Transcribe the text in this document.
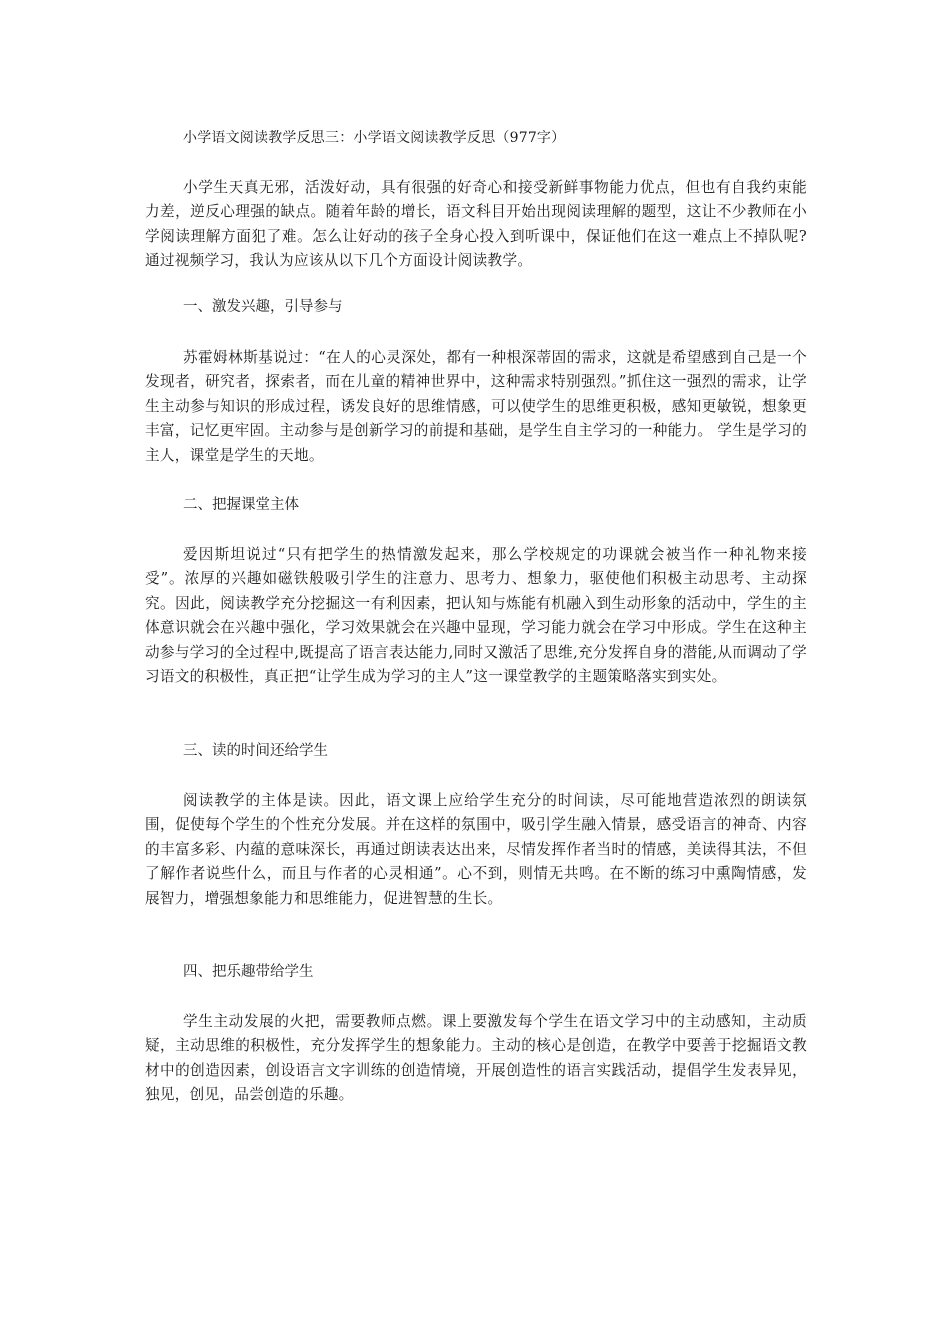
小学语文阅读教学反思三：小学语文阅读教学反思（977字）

小学生天真无邪，活泼好动，具有很强的好奇心和接受新鲜事物能力优点，但也有自我约束能力差，逆反心理强的缺点。随着年龄的增长，语文科目开始出现阅读理解的题型，这让不少教师在小学阅读理解方面犯了难。怎么让好动的孩子全身心投入到听课中，保证他们在这一难点上不掉队呢?通过视频学习，我认为应该从以下几个方面设计阅读教学。

一、激发兴趣，引导参与

苏霍姆林斯基说过：“在人的心灵深处，都有一种根深蒂固的需求，这就是希望感到自己是一个发现者，研究者，探索者，而在儿童的精神世界中，这种需求特别强烈。”抓住这一强烈的需求，让学生主动参与知识的形成过程，诱发良好的思维情感，可以使学生的思维更积极，感知更敏锐，想象更丰富，记忆更牢固。主动参与是创新学习的前提和基础，是学生自主学习的一种能力。 学生是学习的主人，课堂是学生的天地。

二、把握课堂主体

爱因斯坦说过“只有把学生的热情激发起来，那么学校规定的功课就会被当作一种礼物来接受”。浓厚的兴趣如磁铁般吸引学生的注意力、思考力、想象力，驱使他们积极主动思考、主动探究。因此，阅读教学充分挖掘这一有利因素，把认知与炼能有机融入到生动形象的活动中，学生的主体意识就会在兴趣中强化，学习效果就会在兴趣中显现，学习能力就会在学习中形成。学生在这种主动参与学习的全过程中,既提高了语言表达能力,同时又激活了思维,充分发挥自身的潜能,从而调动了学习语文的积极性，真正把“让学生成为学习的主人”这一课堂教学的主题策略落实到实处。

三、读的时间还给学生

阅读教学的主体是读。因此，语文课上应给学生充分的时间读，尽可能地营造浓烈的朗读氛围，促使每个学生的个性充分发展。并在这样的氛围中，吸引学生融入情景，感受语言的神奇、内容的丰富多彩、内蕴的意味深长，再通过朗读表达出来，尽情发挥作者当时的情感，美读得其法，不但了解作者说些什么，而且与作者的心灵相通”。心不到，则情无共鸣。在不断的练习中熏陶情感，发展智力，增强想象能力和思维能力，促进智慧的生长。

四、把乐趣带给学生

学生主动发展的火把，需要教师点燃。课上要激发每个学生在语文学习中的主动感知，主动质疑，主动思维的积极性，充分发挥学生的想象能力。主动的核心是创造，在教学中要善于挖掘语文教材中的创造因素，创设语言文字训练的创造情境，开展创造性的语言实践活动，提倡学生发表异见，独见，创见，品尝创造的乐趣。
